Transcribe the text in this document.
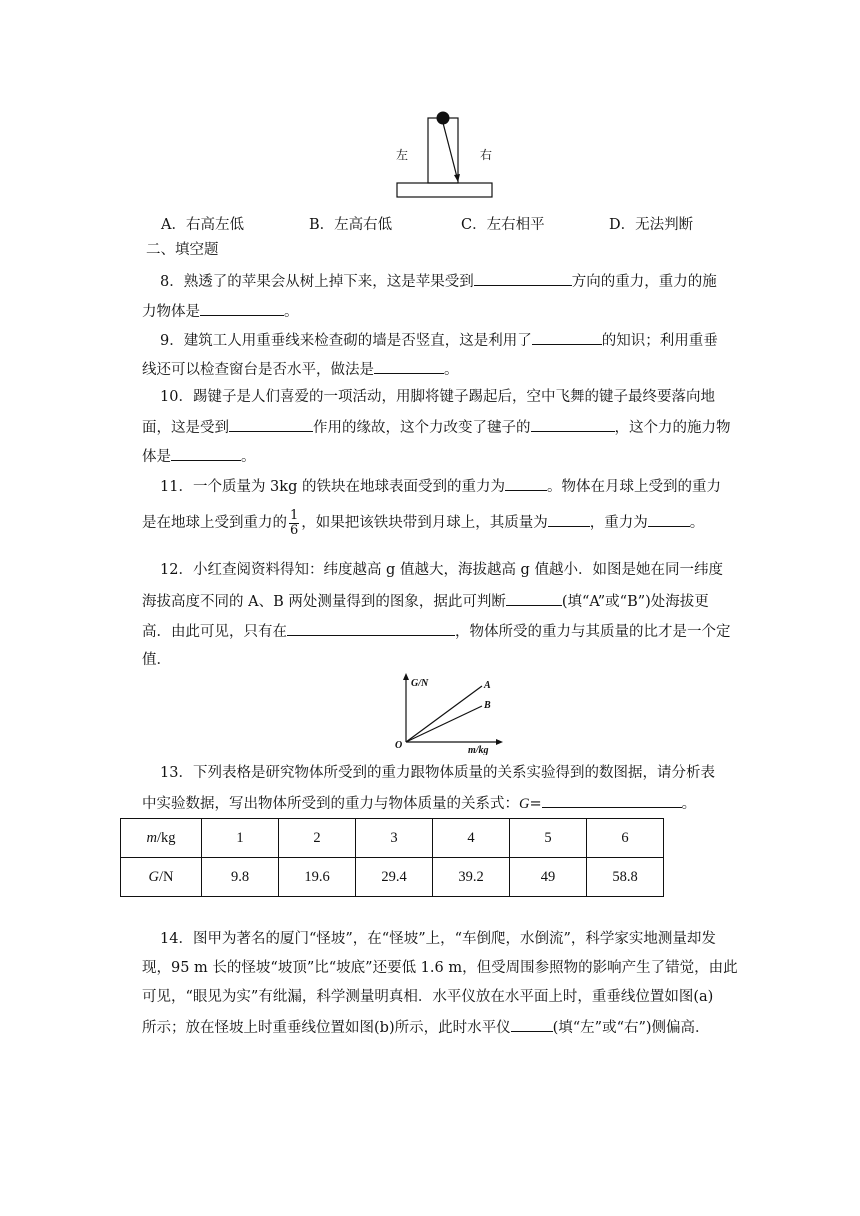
左	右
A．右高左低	B．左高右低	C．左右相平	D．无法判断
二、填空题
8．熟透了的苹果会从树上掉下来，这是苹果受到	方向的重力，重力的施
力物体是	。
9．建筑工人用重垂线来检查砌的墙是否竖直，这是利用了	的知识；利用重垂
线还可以检查窗台是否水平，做法是	。
10．踢键子是人们喜爱的一项活动，用脚将键子踢起后，空中飞舞的键子最终要落向地
面，这是受到	作用的缘故，这个力改变了毽子的	，这个力的施力物
体是	。
11．一个质量为 3kg 的铁块在地球表面受到的重力为	。物体在月球上受到的重力
是在地球上受到重力的 $\frac{1}{6}$ ，如果把该铁块带到月球上，其质量为	，重力为	。
12．小红查阅资料得知：纬度越高 g 值越大，海拔越高 g 值越小．如图是她在同一纬度
海拔高度不同的 A、B 两处测量得到的图象，据此可判断	(填“A”或“B”)处海拔更
高．由此可见，只有在	，物体所受的重力与其质量的比才是一个定
值．
G/N
m/kg
O
A
B
13．下列表格是研究物体所受到的重力跟物体质量的关系实验得到的数图据，请分析表
中实验数据，写出物体所受到的重力与物体质量的关系式：G=	。
m/kg	1	2	3	4	5	6
G/N	9.8	19.6	29.4	39.2	49	58.8
14．图甲为著名的厦门“怪坡”，在“怪坡”上，“车倒爬，水倒流”，科学家实地测量却发
现，95 m 长的怪坡“坡顶”比“坡底”还要低 1.6 m，但受周围参照物的影响产生了错觉，由此
可见，“眼见为实”有纰漏，科学测量明真相．水平仪放在水平面上时，重垂线位置如图(a)
所示；放在怪坡上时重垂线位置如图(b)所示，此时水平仪	(填“左”或“右”)侧偏高．
